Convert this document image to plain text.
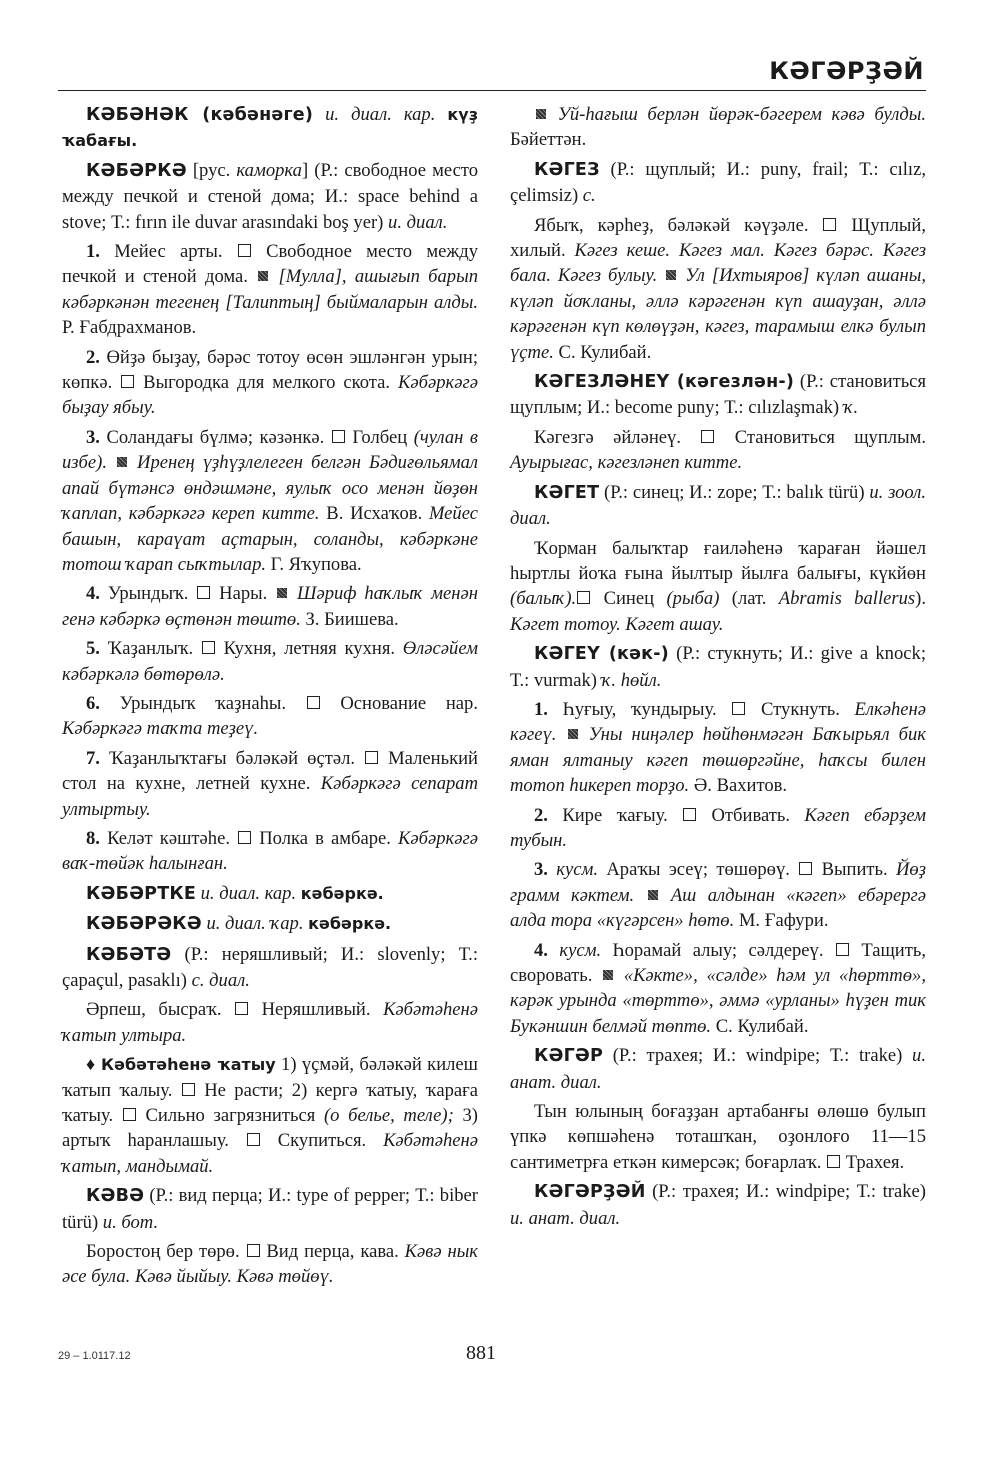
КӘГӘРҘӘЙ

КӘБӘНӘК (кәбәнәге) и. диал. кар. күҙ ҡабағы.

КӘБӘРКӘ [рус. каморка] (Р.: свободное место между печкой и стеной дома; И.: space behind a stove; Т.: fırın ile duvar arasındaki boş yer) и. диал.

1. Мейес арты.  Свободное место между печкой и стеной дома.  [Мулла], ашығып барып кәбәркәнән тегенең [Талиптың] быймаларын алды. Р. Ғабдрахманов.

2. Өйҙә быҙау, бәрәс тотоу өсөн эшләнгән урын; көпкә.  Выгородка для мелкого скота. Кәбәркәгә быҙау ябыу.

3. Соландағы бүлмә; кәзәнкә.  Голбец (чулан в избе).  Иренең үҙһүҙлелеген белгән Бәдиғөльямал апай бүтәнсә өндәшмәне, яулыҡ осо менән йөҙөн ҡаплап, кәбәркәгә кереп китте. В. Исхаҡов. Мейес башын, караүат аҫтарын, соланды, кәбәркәне тотош ҡарап сыҡтылар. Г. Яҡупова.

4. Урындыҡ.  Нары.  Шәриф һаҡлыҡ менән генә кәбәркә өҫтөнән төштө. З. Биишева.

5. Ҡаҙанлыҡ.  Кухня, летняя кухня. Өләсәйем кәбәркәлә бөтөрөлә.

6. Урындыҡ ҡаҙнаһы.  Основание нар. Кәбәркәгә таҡта теҙеү.

7. Ҡаҙанлыҡтағы бәләкәй өҫтәл.  Маленький стол на кухне, летней кухне. Кәбәркәгә сепарат ултыртыу.

8. Келәт кәштәһе.  Полка в амбаре. Кәбәркәгә ваҡ-төйәк һалынған.

КӘБӘРТКЕ и. диал. кар. кәбәркә.

КӘБӘРӘКӘ и. диал. ҡар. кәбәркә.

КӘБӘТӘ (Р.: неряшливый; И.: slovenly; Т.: çapaçul, pasaklı) с. диал.

Әрпеш, бысраҡ.  Неряшливый. Кәбәтәһенә ҡатып ултыра.

♦ Кәбәтәһенә ҡатыу 1) үҫмәй, бәләкәй килеш ҡатып ҡалыу.  Не расти; 2) кергә ҡатыу, ҡараға ҡатыу.  Сильно загрязниться (о белье, теле); 3) артыҡ һаранлашыу.  Скупиться. Кәбәтәһенә ҡатып, мандымай.

КӘВӘ (Р.: вид перца; И.: type of pepper; Т.: biber türü) и. бот.

Боростоң бер төрө.  Вид перца, кава. Кәвә нык әсе була. Кәвә йыйыу. Кәвә төйөү.

Уй-һағыш берлән йөрәк-бәгерем кәвә булды. Бәйеттән.

КӘГЕЗ (Р.: щуплый; И.: puny, frail; Т.: cılız, çelimsiz) с.

Ябыҡ, кәрһеҙ, бәләкәй кәүҙәле.  Щуплый, хилый. Кәгез кеше. Кәгез мал. Кәгез бәрәс. Кәгез бала. Кәгез булыу.  Ул [Ихтыяров] күләп ашаны, күләп йоҡланы, әллә кәрәгенән күп ашауҙан, әллә кәрәгенән күп көлөүҙән, кәгез, тарамыш елкә булып үҫте. С. Кулибай.

КӘГЕЗЛӘНЕҮ (кәгезлән-) (Р.: становиться щуплым; И.: become puny; Т.: cılızlaşmak) ҡ.

Кәгезгә әйләнеү.  Становиться щуплым. Ауырығас, кәгезләнеп китте.

КӘГЕТ (Р.: синец; И.: zope; Т.: balık türü) и. зоол. диал.

Ҡорман балыҡтар ғаиләһенә ҡараған йәшел һыртлы йоҡа ғына йылтыр йылға балығы, күкйөн (балыҡ). Синец (рыба) (лат. Abramis ballerus). Кәгет тотоу. Кәгет ашау.

КӘГЕҮ (кәк-) (Р.: стукнуть; И.: give a knock; Т.: vurmak) ҡ. һөйл.

1. Һуғыу, ҡундырыу.  Стукнуть. Елкәһенә кәгеү.  Уны ниңәлер һөйһөнмәгән Баҡырьял бик яман ялтаныу кәгеп төшөргәйне, һаҡсы билен тотоп һикереп торҙо. Ә. Вахитов.

2. Кире ҡағыу.  Отбивать. Кәгеп ебәрҙем тубын.

3. кусм. Араҡы эсеү; төшөрөү.  Выпить. Йөҙ грамм кәктем.  Аш алдынан «кәгеп» ебәрергә алда тора «күгәрсен» һөтө. М. Ғафури.

4. кусм. Һорамай алыу; сәлдереү.  Тащить, своровать.  «Кәкте», «сәлде» һәм ул «һөрттө», кәрәк урында «төрттө», әммә «урланы» һүҙен тик Букәншин белмәй төптө. С. Кулибай.

КӘГӘР (Р.: трахея; И.: windpipe; Т.: trake) и. анат. диал.

Тын юлының боғаҙҙан артабанғы өлөшө булып үпкә көпшәһенә тоташҡан, оҙонлоғо 11—15 сантиметрға еткән кимерсәк; боғарлаҡ.  Трахея.

КӘГӘРҘӘЙ (Р.: трахея; И.: windpipe; Т.: trake) и. анат. диал.

29 – 1.0117.12	881
